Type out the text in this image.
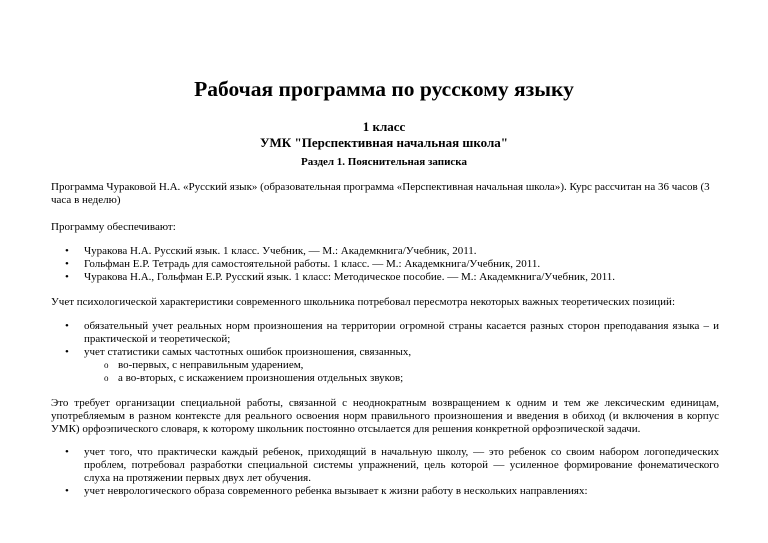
Рабочая программа по русскому языку
1 класс
УМК "Перспективная начальная школа"
Раздел 1. Пояснительная записка
Программа Чураковой Н.А. «Русский язык» (образовательная программа «Перспективная начальная школа»). Курс рассчитан на 36 часов (3 часа в неделю)
Программу обеспечивают:
• Чуракова Н.А. Русский язык. 1 класс. Учебник, — М.: Академкнига/Учебник, 2011.
• Гольфман Е.Р. Тетрадь для самостоятельной работы. 1 класс. — М.: Академкнига/Учебник, 2011.
• Чуракова Н.А., Гольфман Е.Р. Русский язык. 1 класс: Методическое пособие. — М.: Академкнига/Учебник, 2011.
Учет психологической характеристики современного школьника потребовал пересмотра некоторых важных теоретических позиций:
• обязательный учет реальных норм произношения на территории огромной страны касается разных сторон преподавания языка – и практической и теоретической;
• учет статистики самых частотных ошибок произношения, связанных,
o во-первых, с неправильным ударением,
o а во-вторых, с искажением произношения отдельных звуков;
Это требует организации специальной работы, связанной с неоднократным возвращением к одним и тем же лексическим единицам, употребляемым в разном контексте для реального освоения норм правильного произношения и введения в обиход (и включения в корпус УМК) орфоэпического словаря, к которому школьник постоянно отсылается для решения конкретной орфоэпической задачи.
• учет того, что практически каждый ребенок, приходящий в начальную школу, — это ребенок со своим набором логопедических проблем, потребовал разработки специальной системы упражнений, цель которой — усиленное формирование фонематического слуха на протяжении первых двух лет обучения.
• учет неврологического образа современного ребенка вызывает к жизни работу в нескольких направлениях:
